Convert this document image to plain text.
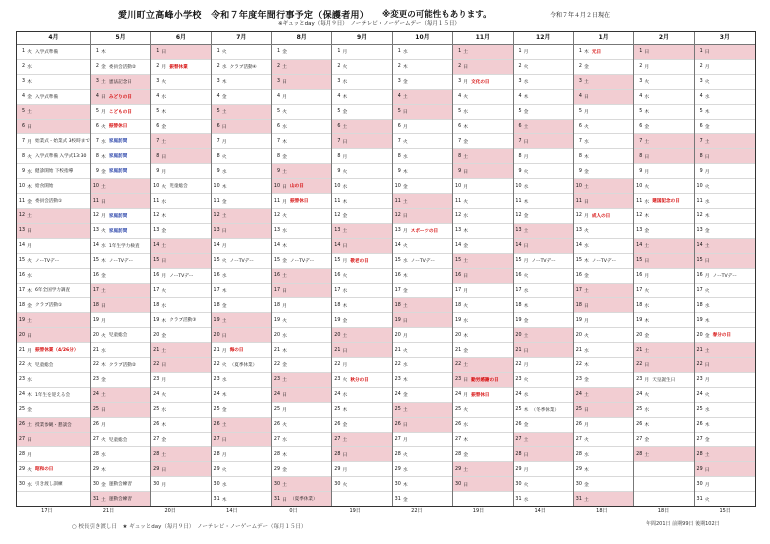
愛川町立高峰小学校　令和７年度年間行事予定（保護者用） ※変更の可能性もあります。	令和７年４月２日現在
※ギュッとday（毎月９日）　ノーテレビ・ノーゲームデー（毎月１５日）
4月
1 火 入学式準備
2 水
3 木
4 金 入学式準備
5 土
6 日
7 月 始業式・始業式 3校時まで
8 火 入学式準備 入学式13:30
9 水 健診開始 下校指導
10 木 給食開始
11 金 委員会活動①
12 土
13 日
14 月
15 火 ノーTVデー
16 水
17 木 6年全国学力調査
18 金 クラブ活動①
19 土
20 日
21 月 振替休業（4/26分）
22 火 児童総会
23 水
24 木 1年生を迎える会
25 金
26 土 授業参観・懇談会
27 日
28 月
29 火 昭和の日
30 水 引き渡し訓練
5月
1 木
2 金 委員会活動②
3 土 憲法記念日
4 日 みどりの日
5 月 こどもの日
6 火 振替休日
7 水 家庭訪問
8 木 家庭訪問
9 金 家庭訪問
10 土
11 日
12 月 家庭訪問
13 火 家庭訪問
14 水 1年生学力検査
15 木 ノーTVデー
16 金
17 土
18 日
19 月
20 火 児童総会
21 水
22 木 クラブ活動②
23 金
24 土
25 日
26 月
27 火 児童総会
28 水
29 木
30 金 運動会練習
31 土 運動会練習
6月
1 日
2 月 振替休業
3 火
4 水
5 木
6 金
7 土
8 日
9 月
10 火 児童総会
11 水
12 木
13 金
14 土
15 日
16 月 ノーTVデー
17 火
18 水
19 木 クラブ活動③
20 金
21 土
22 日
23 月
24 火
25 水
26 木
27 金
28 土
29 日
30 月
7月
1 火
2 水 クラブ活動④
3 木
4 金
5 土
6 日
7 月
8 火
9 水
10 木
11 金
12 土
13 日
14 月
15 火 ノーTVデー
16 水
17 木
18 金
19 土
20 日
21 月 海の日
22 火 （夏季休業）
23 水
24 木
25 金
26 土
27 日
28 月
29 火
30 水
31 木
8月
1 金
2 土
3 日
4 月
5 火
6 水
7 木
8 金
9 土
10 日 山の日
11 月 振替休日
12 火
13 水
14 木
15 金 ノーTVデー
16 土
17 日
18 月
19 火
20 水
21 木
22 金
23 土
24 日
25 月
26 火
27 水
28 木
29 金
30 土
31 日 （夏季休業）
9月
1 月
2 火
3 水
4 木
5 金
6 土
7 日
8 月
9 火
10 水
11 木
12 金
13 土
14 日
15 月 敬老の日
16 火
17 水
18 木
19 金
20 土
21 日
22 月
23 火 秋分の日
24 水
25 木
26 金
27 土
28 日
29 月
30 火
10月
1 水
2 木
3 金
4 土
5 日
6 月
7 火
8 水
9 木
10 金
11 土
12 日
13 月 スポーツの日
14 火
15 水 ノーTVデー
16 木
17 金
18 土
19 日
20 月
21 火
22 水
23 木
24 金
25 土
26 日
27 月
28 火
29 水
30 木
31 金
11月
1 土
2 日
3 月 文化の日
4 火
5 水
6 木
7 金
8 土
9 日
10 月
11 火
12 水
13 木
14 金
15 土
16 日
17 月
18 火
19 水
20 木
21 金
22 土
23 日 勤労感謝の日
24 月 振替休日
25 火
26 水
27 木
28 金
29 土
30 日
12月
1 月
2 火
3 水
4 木
5 金
6 土
7 日
8 月
9 火
10 水
11 木
12 金
13 土
14 日
15 月 ノーTVデー
16 火
17 水
18 木
19 金
20 土
21 日
22 月
23 火
24 水
25 木 （冬季休業）
26 金
27 土
28 日
29 月
30 火
31 水
1月
1 木 元日
2 金
3 土
4 日
5 月
6 火
7 水
8 木
9 金
10 土
11 日
12 月 成人の日
13 火
14 水
15 木 ノーTVデー
16 金
17 土
18 日
19 月
20 火
21 水
22 木
23 金
24 土
25 日
26 月
27 火
28 水
29 木
30 金
31 土
2月
1 日
2 月
3 火
4 水
5 木
6 金
7 土
8 日
9 月
10 火
11 水 建国記念の日
12 木
13 金
14 土
15 日
16 月
17 火
18 水
19 木
20 金
21 土
22 日
23 月 天皇誕生日
24 火
25 水
26 木
27 金
28 土
3月
1 日
2 月
3 火
4 水
5 木
6 金
7 土
8 日
9 月
10 火
11 水
12 木
13 金
14 土
15 日
16 月 ノーTVデー
17 火
18 水
19 木
20 金 春分の日
21 土
22 日
23 月
24 火
25 水
26 木
27 金
28 土
29 日
30 月
31 火
17日	21日	20日	14日	0日	19日	22日	19日	14日	18日	18日	15日
○ 校長引き渡し日　★ ギュッとday（毎月９日）　ノーテレビ・ノーゲームデー（毎月１５日）	年間201日 前期99日 後期102日
